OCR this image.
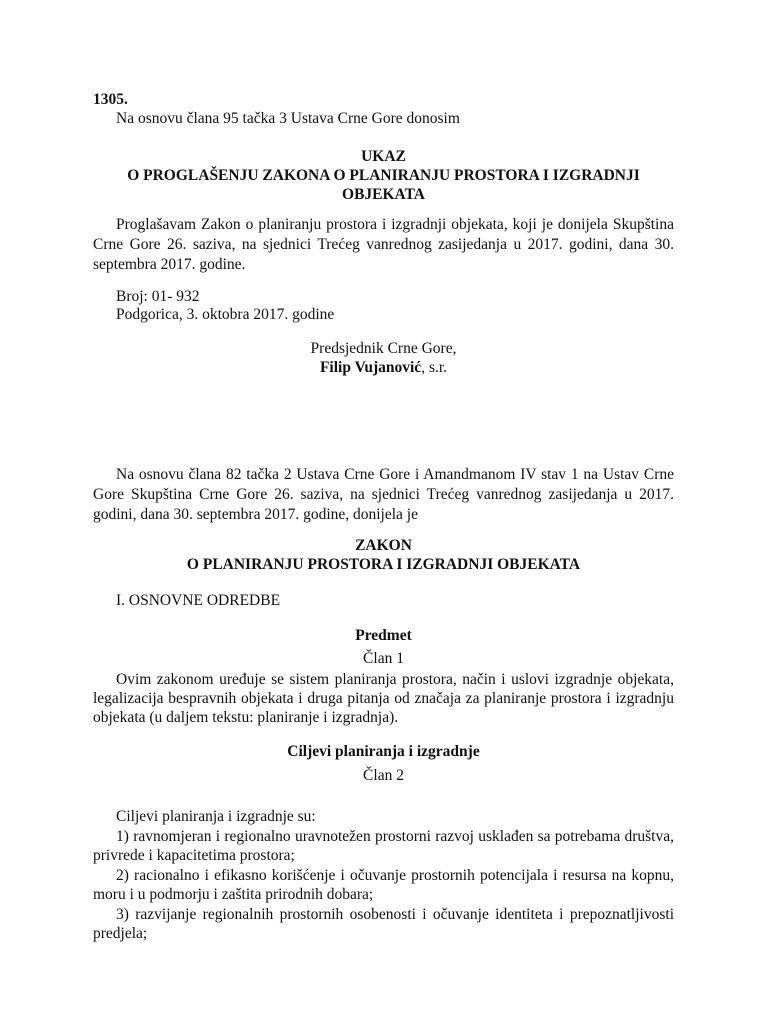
1305.
Na osnovu člana 95 tačka 3 Ustava Crne Gore donosim
UKAZ
O PROGLAŠENJU ZAKONA O PLANIRANJU PROSTORA I IZGRADNJI
OBJEKATA
Proglašavam Zakon o planiranju prostora i izgradnji objekata, koji je donijela Skupština
Crne Gore 26. saziva, na sjednici Trećeg vanrednog zasijedanja u 2017. godini, dana 30.
septembra 2017. godine.
Broj: 01- 932
Podgorica, 3. oktobra 2017. godine
Predsjednik Crne Gore,
Filip Vujanović, s.r.
Na osnovu člana 82 tačka 2 Ustava Crne Gore i Amandmanom IV stav 1 na Ustav Crne
Gore Skupština Crne Gore 26. saziva, na sjednici Trećeg vanrednog zasijedanja u 2017.
godini, dana 30. septembra 2017. godine, donijela je
ZAKON
O PLANIRANJU PROSTORA I IZGRADNJI OBJEKATA
I. OSNOVNE ODREDBE
Predmet
Član 1
Ovim zakonom uređuje se sistem planiranja prostora, način i uslovi izgradnje objekata,
legalizacija bespravnih objekata i druga pitanja od značaja za planiranje prostora i izgradnju
objekata (u daljem tekstu: planiranje i izgradnja).
Ciljevi planiranja i izgradnje
Član 2
Ciljevi planiranja i izgradnje su:
1) ravnomjeran i regionalno uravnotežen prostorni razvoj usklađen sa potrebama društva,
privrede i kapacitetima prostora;
2) racionalno i efikasno korišćenje i očuvanje prostornih potencijala i resursa na kopnu,
moru i u podmorju i zaštita prirodnih dobara;
3) razvijanje regionalnih prostornih osobenosti i očuvanje identiteta i prepoznatljivosti
predjela;
